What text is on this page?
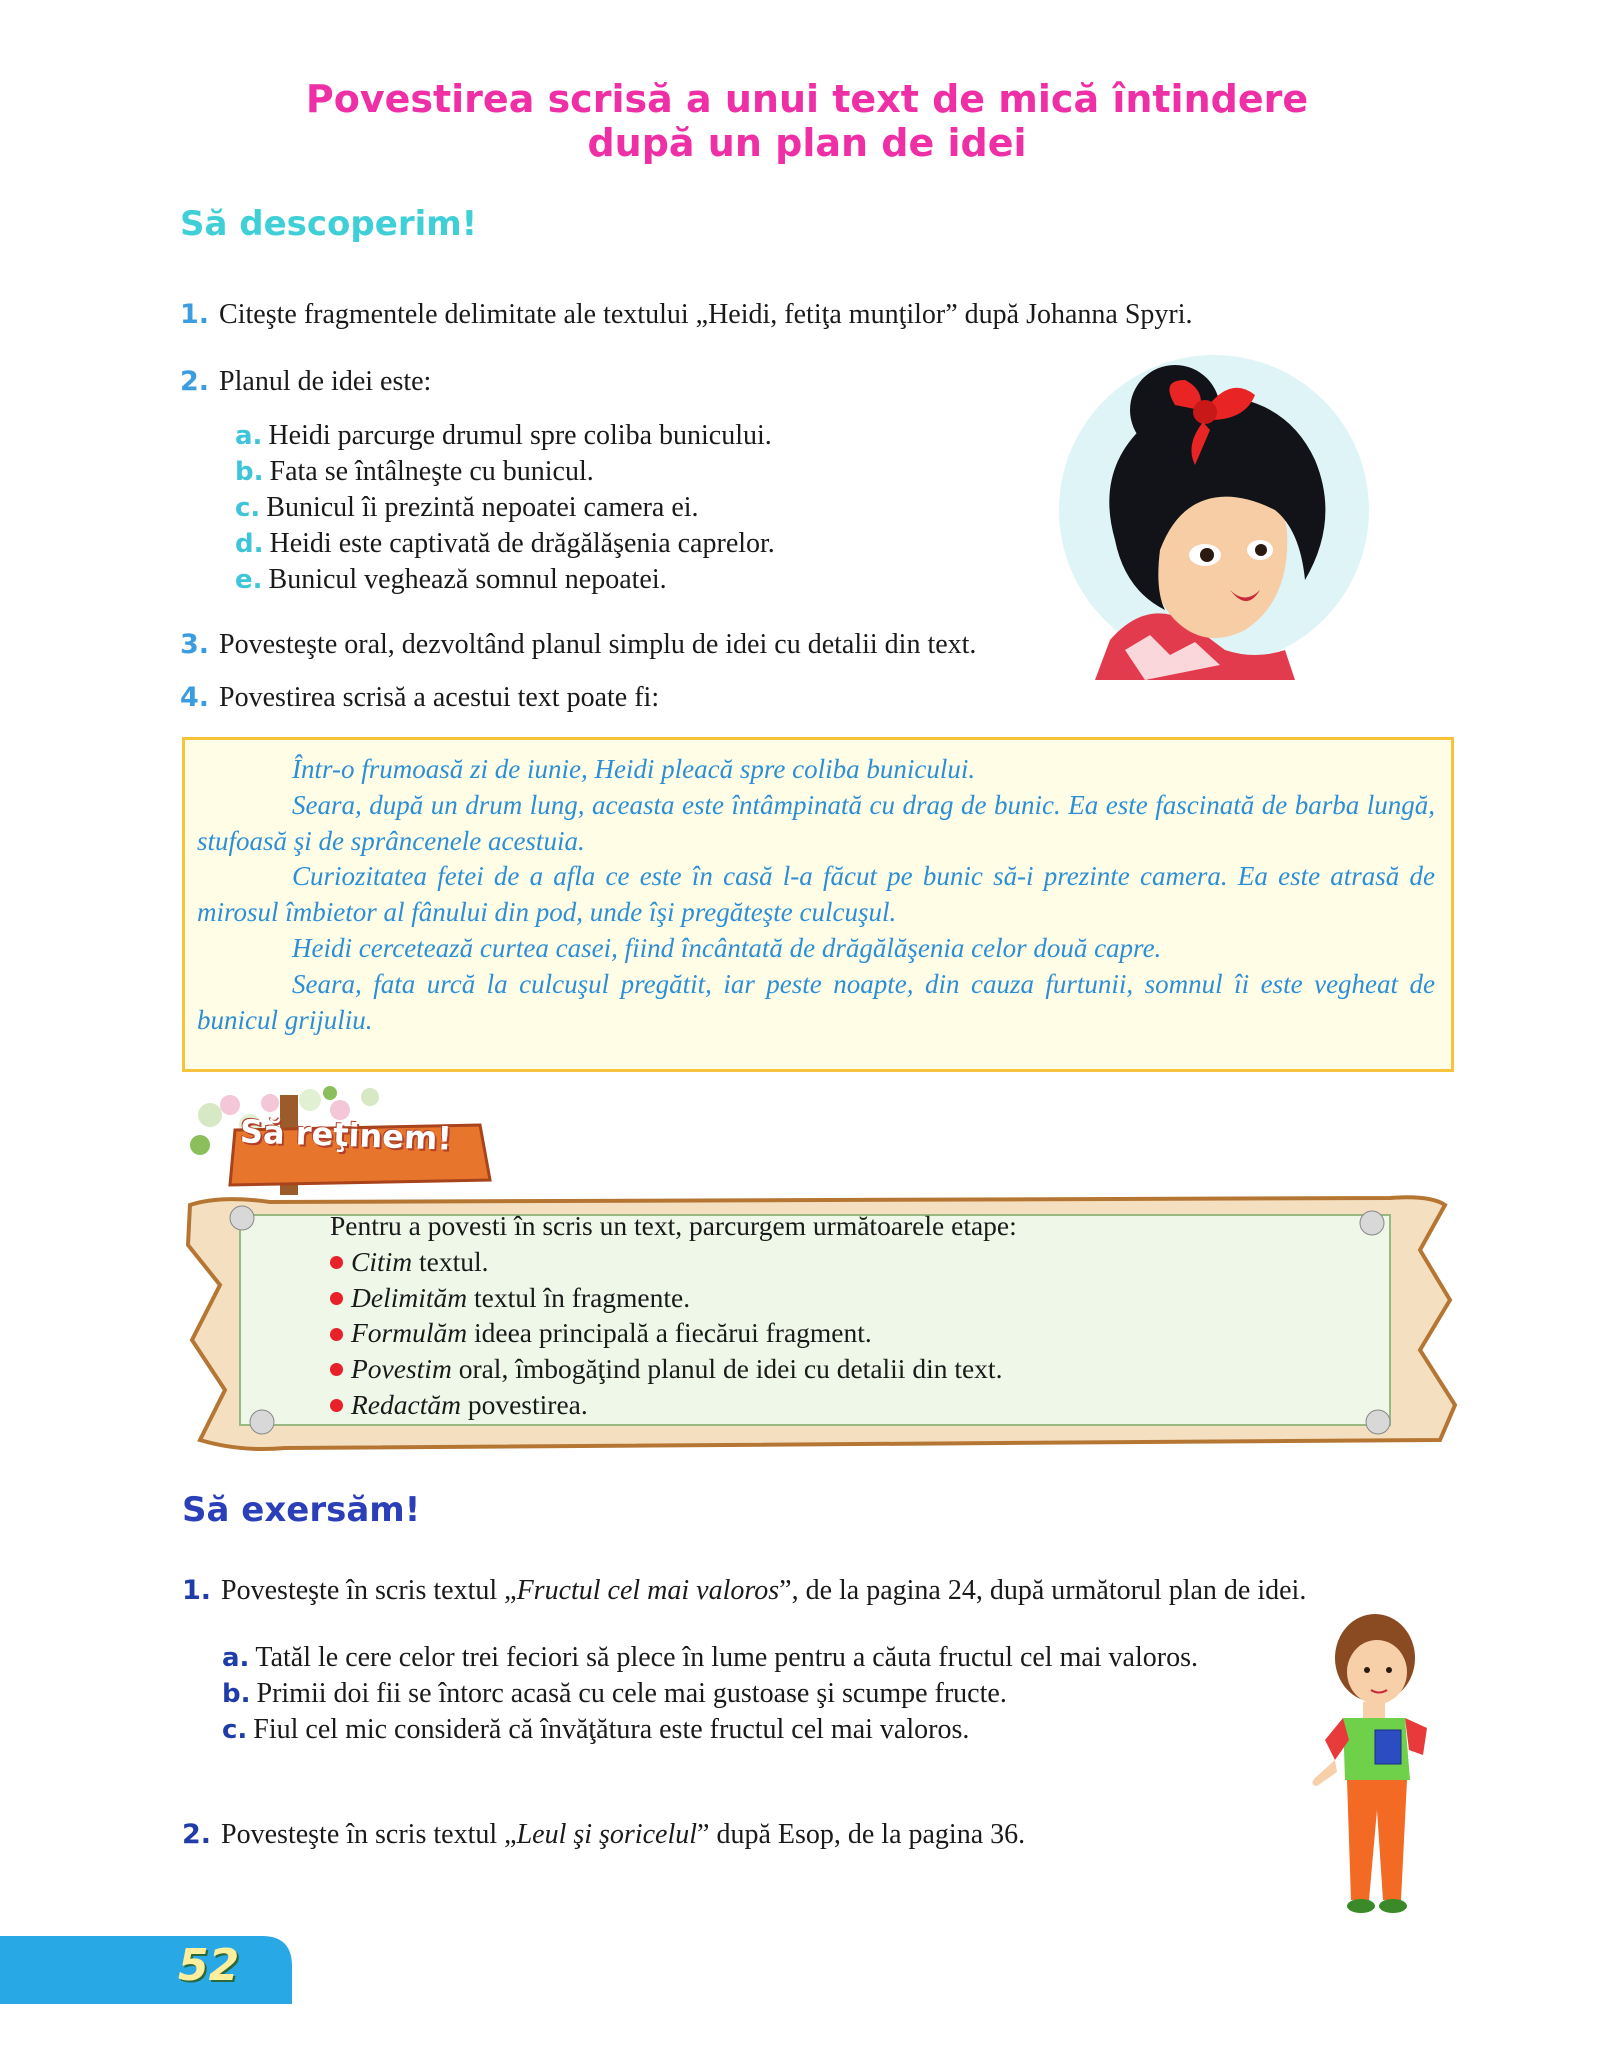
Povestirea scrisă a unui text de mică întindere
după un plan de idei
Să descoperim!
1. Citeşte fragmentele delimitate ale textului „Heidi, fetiţa munţilor” după Johanna Spyri.
2. Planul de idei este:
a. Heidi parcurge drumul spre coliba bunicului.
b. Fata se întâlneşte cu bunicul.
c. Bunicul îi prezintă nepoatei camera ei.
d. Heidi este captivată de drăgălăşenia caprelor.
e. Bunicul veghează somnul nepoatei.
3. Povesteşte oral, dezvoltând planul simplu de idei cu detalii din text.
4. Povestirea scrisă a acestui text poate fi:

Într-o frumoasă zi de iunie, Heidi pleacă spre coliba bunicului.

Seara, după un drum lung, aceasta este întâmpinată cu drag de bunic. Ea este fascinată de barba lungă, stufoasă şi de sprâncenele acestuia.

Curiozitatea fetei de a afla ce este în casă l-a făcut pe bunic să-i prezinte camera. Ea este atrasă de mirosul îmbietor al fânului din pod, unde îşi pregăteşte culcuşul.

Heidi cercetează curtea casei, fiind încântată de drăgălăşenia celor două capre.

Seara, fata urcă la culcuşul pregătit, iar peste noapte, din cauza furtunii, somnul îi este vegheat de bunicul grijuliu.

Să reţinem!
Pentru a povesti în scris un text, parcurgem următoarele etape:
Citim textul.
Delimităm textul în fragmente.
Formulăm ideea principală a fiecărui fragment.
Povestim oral, îmbogăţind planul de idei cu detalii din text.
Redactăm povestirea.
Să exersăm!
1. Povesteşte în scris textul „Fructul cel mai valoros”, de la pagina 24, după următorul plan de idei.
a. Tatăl le cere celor trei feciori să plece în lume pentru a căuta fructul cel mai valoros.
b. Primii doi fii se întorc acasă cu cele mai gustoase şi scumpe fructe.
c. Fiul cel mic consideră că învăţătura este fructul cel mai valoros.
2. Povesteşte în scris textul „Leul şi şoricelul” după Esop, de la pagina 36.
52
